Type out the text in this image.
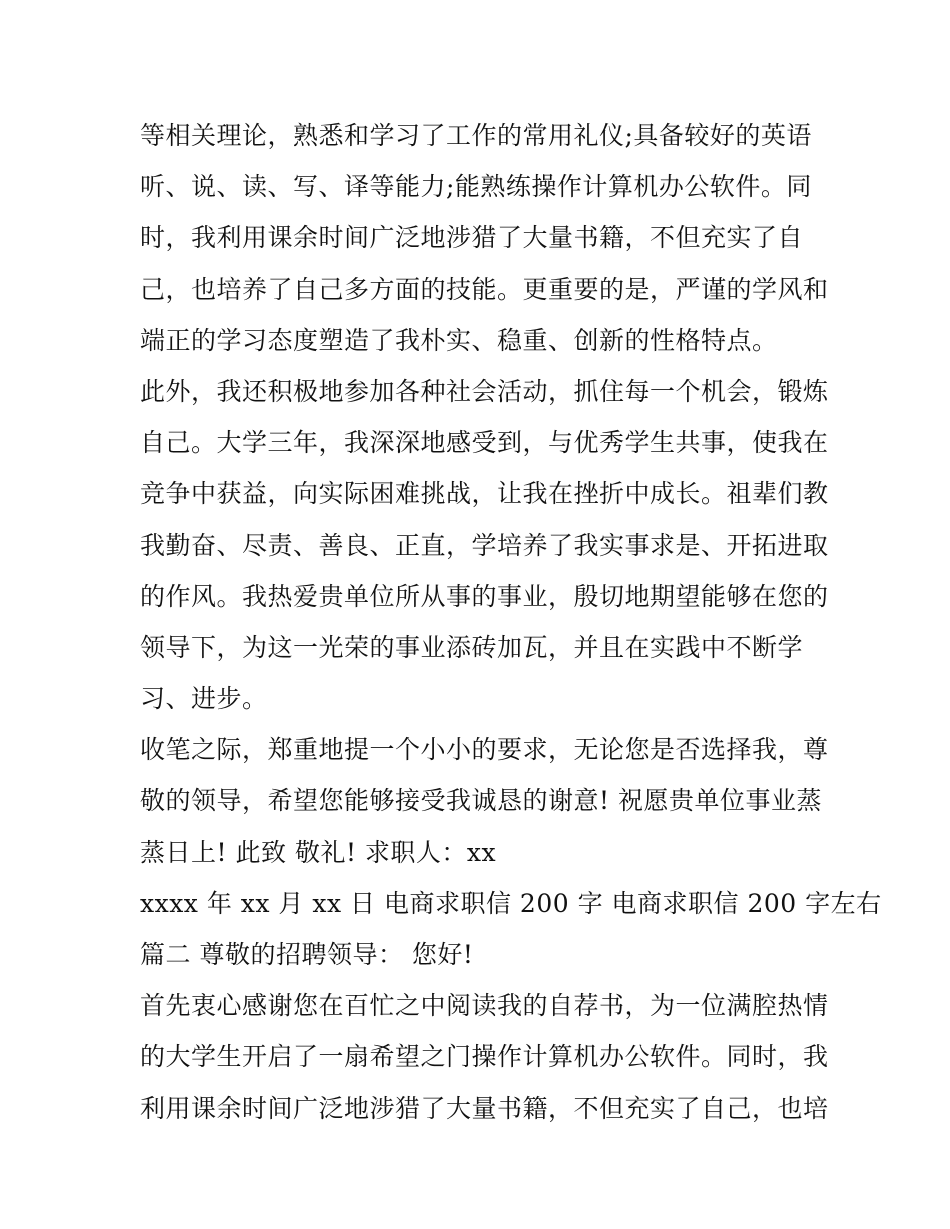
等相关理论，熟悉和学习了工作的常用礼仪;具备较好的英语
听、说、读、写、译等能力;能熟练操作计算机办公软件。同
时，我利用课余时间广泛地涉猎了大量书籍，不但充实了自
己，也培养了自己多方面的技能。更重要的是，严谨的学风和
端正的学习态度塑造了我朴实、稳重、创新的性格特点。
此外，我还积极地参加各种社会活动，抓住每一个机会，锻炼
自己。大学三年，我深深地感受到，与优秀学生共事，使我在
竞争中获益，向实际困难挑战，让我在挫折中成长。祖辈们教
我勤奋、尽责、善良、正直，学培养了我实事求是、开拓进取
的作风。我热爱贵单位所从事的事业，殷切地期望能够在您的
领导下，为这一光荣的事业添砖加瓦，并且在实践中不断学
习、进步。
收笔之际，郑重地提一个小小的要求，无论您是否选择我，尊
敬的领导，希望您能够接受我诚恳的谢意! 祝愿贵单位事业蒸
蒸日上! 此致 敬礼! 求职人：xx
xxxx 年 xx 月 xx 日 电商求职信 200 字 电商求职信 200 字左右
篇二 尊敬的招聘领导： 您好!
首先衷心感谢您在百忙之中阅读我的自荐书，为一位满腔热情
的大学生开启了一扇希望之门操作计算机办公软件。同时，我
利用课余时间广泛地涉猎了大量书籍，不但充实了自己，也培
